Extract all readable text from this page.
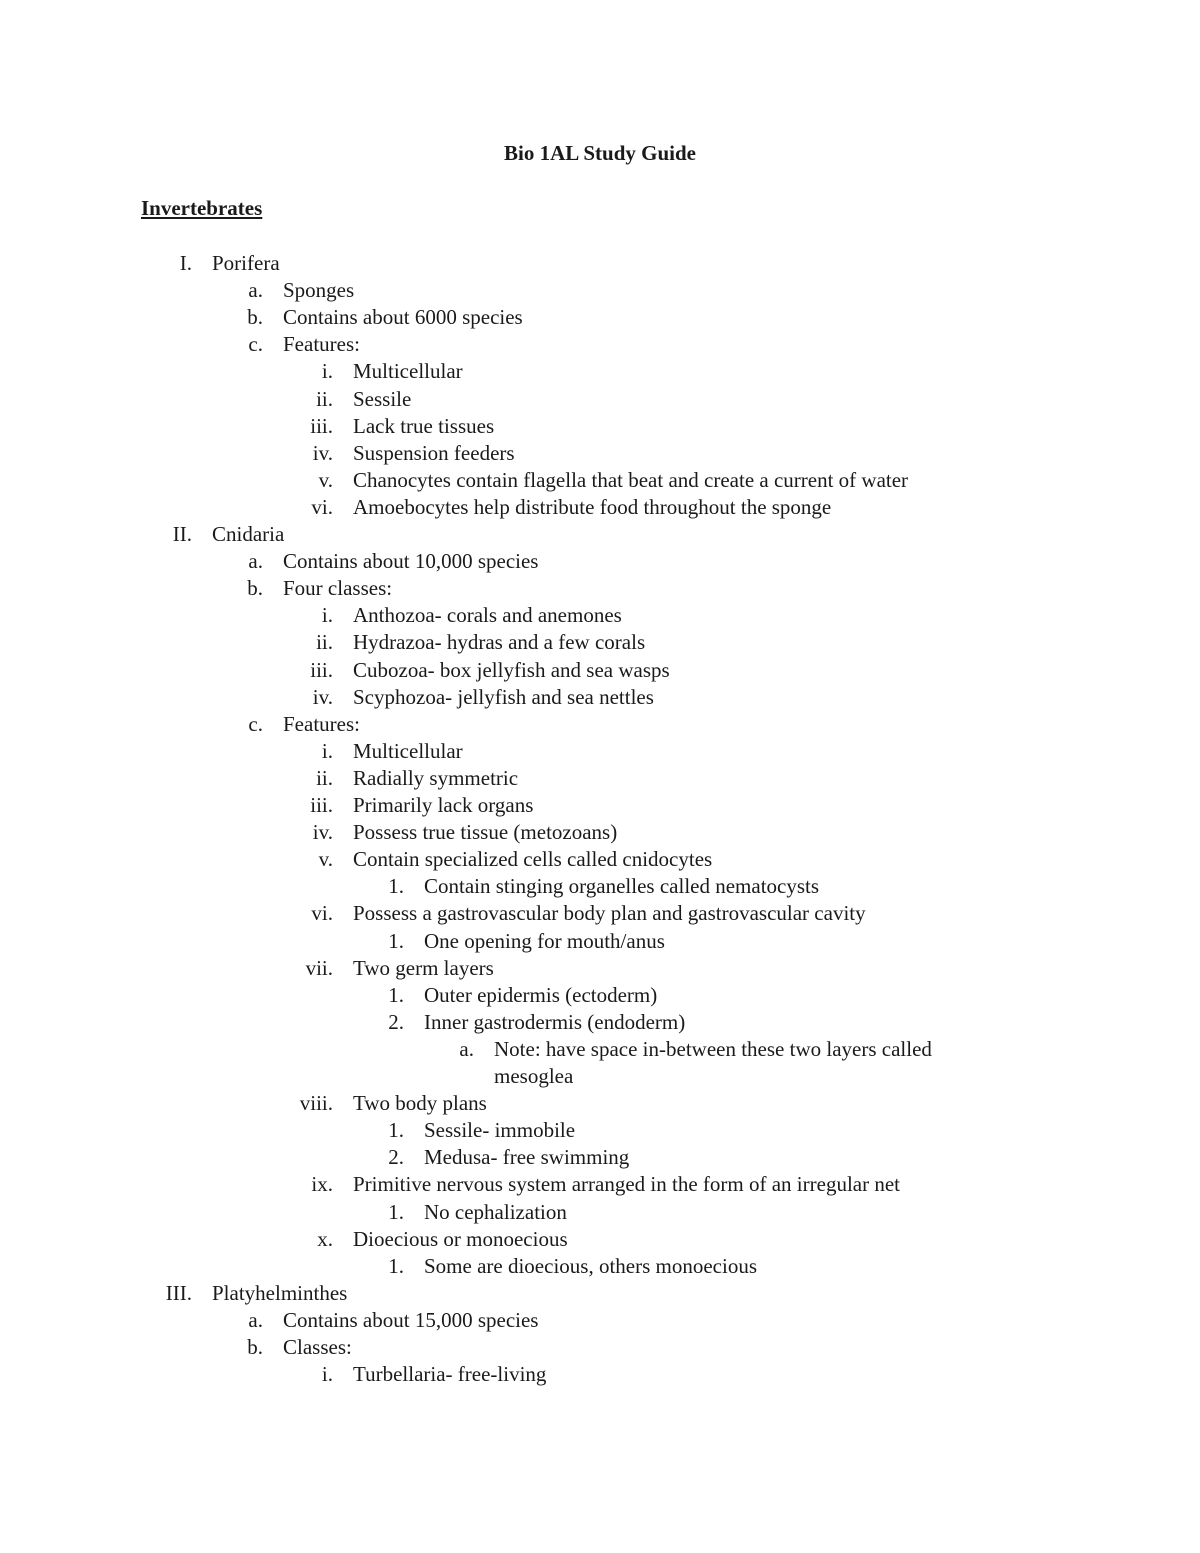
Bio 1AL Study Guide
Invertebrates
I. Porifera
a. Sponges
b. Contains about 6000 species
c. Features:
i. Multicellular
ii. Sessile
iii. Lack true tissues
iv. Suspension feeders
v. Chanocytes contain flagella that beat and create a current of water
vi. Amoebocytes help distribute food throughout the sponge
II. Cnidaria
a. Contains about 10,000 species
b. Four classes:
i. Anthozoa- corals and anemones
ii. Hydrazoa- hydras and a few corals
iii. Cubozoa- box jellyfish and sea wasps
iv. Scyphozoa- jellyfish and sea nettles
c. Features:
i. Multicellular
ii. Radially symmetric
iii. Primarily lack organs
iv. Possess true tissue (metozoans)
v. Contain specialized cells called cnidocytes
1. Contain stinging organelles called nematocysts
vi. Possess a gastrovascular body plan and gastrovascular cavity
1. One opening for mouth/anus
vii. Two germ layers
1. Outer epidermis (ectoderm)
2. Inner gastrodermis (endoderm)
a. Note: have space in-between these two layers called
mesoglea
viii. Two body plans
1. Sessile- immobile
2. Medusa- free swimming
ix. Primitive nervous system arranged in the form of an irregular net
1. No cephalization
x. Dioecious or monoecious
1. Some are dioecious, others monoecious
III. Platyhelminthes
a. Contains about 15,000 species
b. Classes:
i. Turbellaria- free-living
